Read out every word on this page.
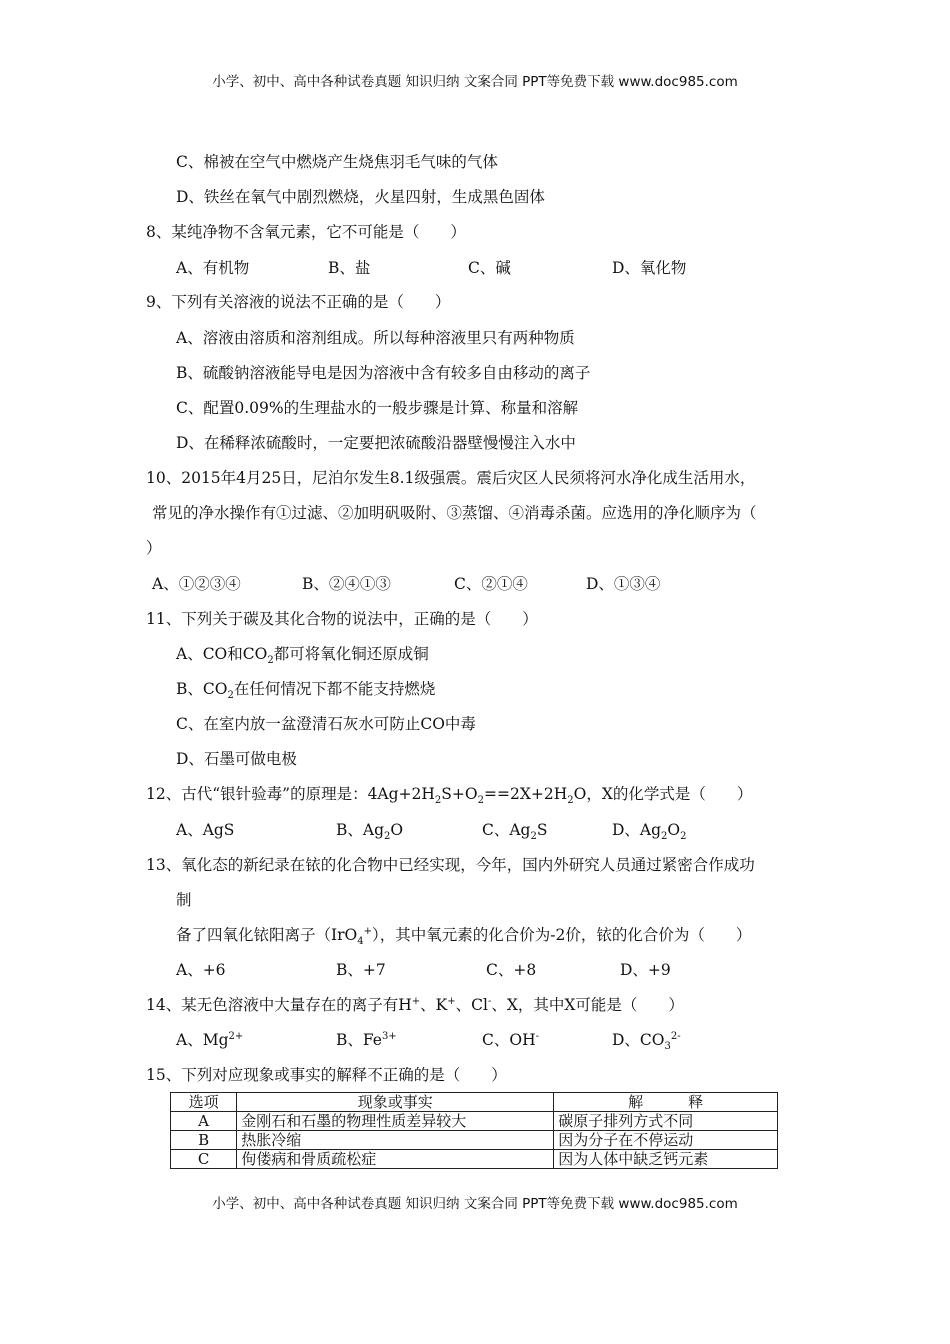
小学、初中、高中各种试卷真题 知识归纳 文案合同 PPT等免费下载 www.doc985.com
C、棉被在空气中燃烧产生烧焦羽毛气味的气体
D、铁丝在氧气中剧烈燃烧，火星四射，生成黑色固体
8、某纯净物不含氧元素，它不可能是（　　）
A、有机物	B、盐	C、碱	D、氧化物
9、下列有关溶液的说法不正确的是（　　）
A、溶液由溶质和溶剂组成。所以每种溶液里只有两种物质
B、硫酸钠溶液能导电是因为溶液中含有较多自由移动的离子
C、配置0.09%的生理盐水的一般步骤是计算、称量和溶解
D、在稀释浓硫酸时，一定要把浓硫酸沿器壁慢慢注入水中
10、2015年4月25日，尼泊尔发生8.1级强震。震后灾区人民须将河水净化成生活用水，
常见的净水操作有①过滤、②加明矾吸附、③蒸馏、④消毒杀菌。应选用的净化顺序为（
）
A、①②③④	B、②④①③	C、②①④	D、①③④
11、下列关于碳及其化合物的说法中，正确的是（　　）
A、CO和$CO_2$都可将氧化铜还原成铜
B、$CO_2$在任何情况下都不能支持燃烧
C、在室内放一盆澄清石灰水可防止CO中毒
D、石墨可做电极
12、古代“银针验毒”的原理是：$4Ag+2H_2S+O_2==2X+2H_2O$，X的化学式是（　　）
A、AgS	B、$Ag_2O$	C、$Ag_2S$	D、$Ag_2O_2$
13、氧化态的新纪录在铱的化合物中已经实现，今年，国内外研究人员通过紧密合作成功
制
备了四氧化铱阳离子（IrO$_4$+），其中氧元素的化合价为-2价，铱的化合价为（　　）
A、+6	B、+7	C、+8	D、+9
14、某无色溶液中大量存在的离子有H+、K+、Cl-、X，其中X可能是（　　）
A、$Mg^{2+}$	B、$Fe^{3+}$	C、OH-	D、$CO_3^{2-}$
15、下列对应现象或事实的解释不正确的是（　　）
选项	现象或事实	解　　　释
A	金刚石和石墨的物理性质差异较大	碳原子排列方式不同
B	热胀冷缩	因为分子在不停运动
C	佝偻病和骨质疏松症	因为人体中缺乏钙元素
小学、初中、高中各种试卷真题 知识归纳 文案合同 PPT等免费下载 www.doc985.com
